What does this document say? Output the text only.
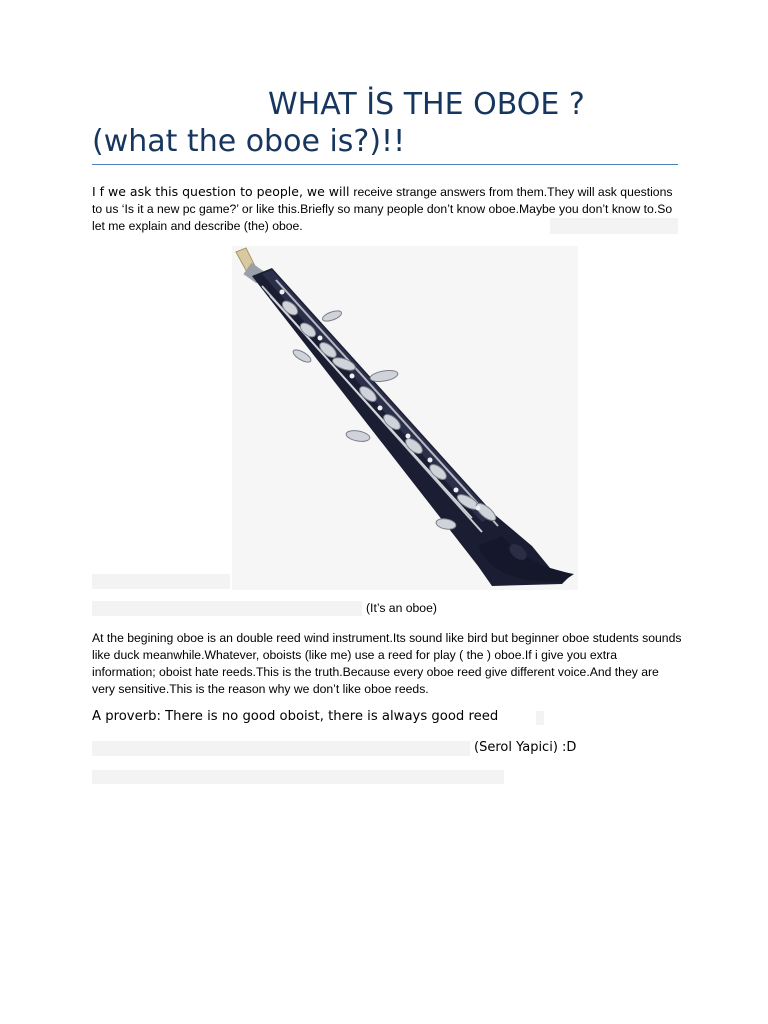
WHAT İS THE OBOE ?
(what the oboe is?)!!
I f we ask this question to people, we will receive strange answers from them.They will ask questions to us ‘Is it a new pc game?’ or like this.Briefly so many people don’t know oboe.Maybe you don’t know to.So let me explain and describe (the) oboe.
(It’s an oboe)
At the begining oboe is an double reed wind instrument.Its sound like bird but beginner oboe students sounds like duck meanwhile.Whatever, oboists (like me) use a reed for play ( the ) oboe.If i give you extra information; oboist hate reeds.This is the truth.Because every oboe reed give different voice.And they are very sensitive.This is the reason why we don’t like oboe reeds.
A proverb: There is no good oboist, there is always good reed
(Serol Yapici) :D
